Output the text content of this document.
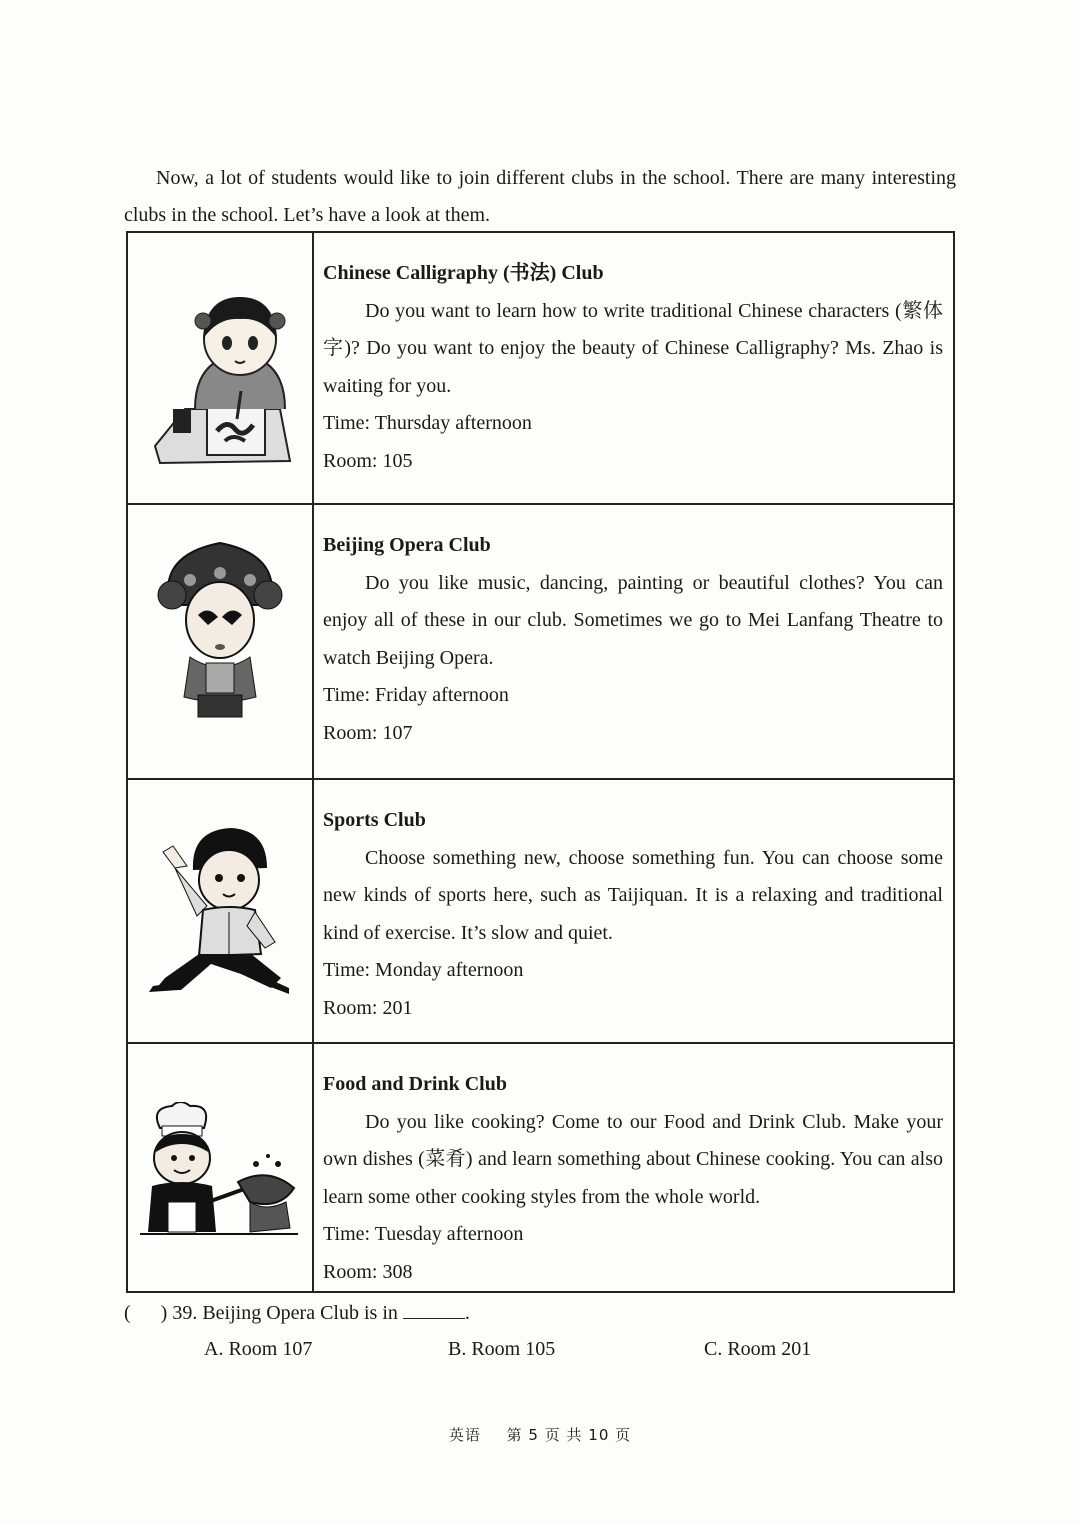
Now, a lot of students would like to join different clubs in the school. There are many interesting clubs in the school. Let’s have a look at them.

Chinese Calligraphy (书法) Club
Do you want to learn how to write traditional Chinese characters (繁体字)? Do you want to enjoy the beauty of Chinese Calligraphy? Ms. Zhao is waiting for you.
Time: Thursday afternoon
Room: 105

Beijing Opera Club
Do you like music, dancing, painting or beautiful clothes? You can enjoy all of these in our club. Sometimes we go to Mei Lanfang Theatre to watch Beijing Opera.
Time: Friday afternoon
Room: 107

Sports Club
Choose something new, choose something fun. You can choose some new kinds of sports here, such as Taijiquan. It is a relaxing and traditional kind of exercise. It’s slow and quiet.
Time: Monday afternoon
Room: 201

Food and Drink Club
Do you like cooking? Come to our Food and Drink Club. Make your own dishes (菜肴) and learn something about Chinese cooking. You can also learn some other cooking styles from the whole world.
Time: Tuesday afternoon
Room: 308
( ) 39. Beijing Opera Club is in	.
A. Room 107	B. Room 105	C. Room 201
英语 第 5 页 共 10 页
